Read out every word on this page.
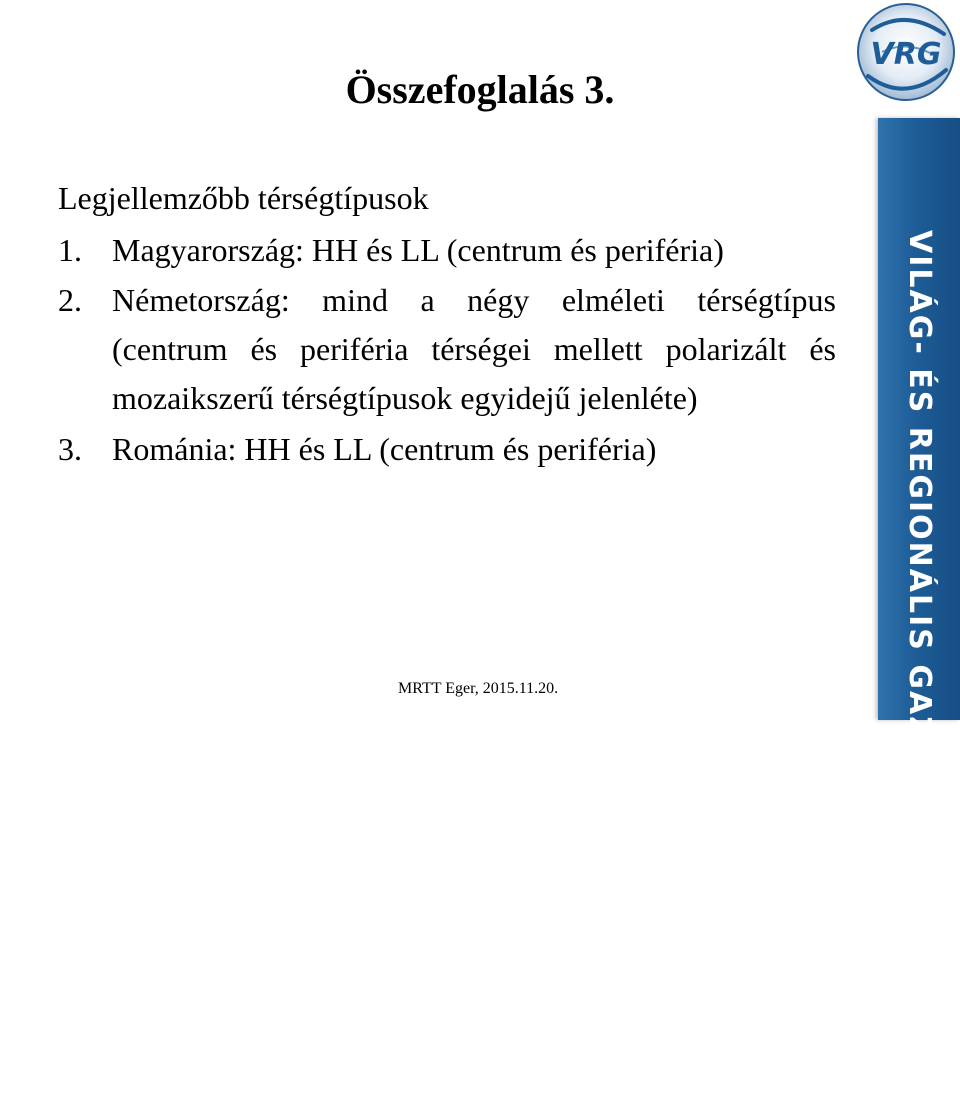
Összefoglalás 3.
Legjellemzőbb térségtípusok
1. Magyarország: HH és LL (centrum és periféria)
2. Németország: mind a négy elméleti térségtípus (centrum és periféria térségei mellett polarizált és mozaikszerű térségtípusok egyidejű jelenléte)
3. Románia: HH és LL (centrum és periféria)
MRTT Eger, 2015.11.20.	VILÁG- ÉS REGIONÁLIS GAZDASÁGTAN INTÉZET
VRG
